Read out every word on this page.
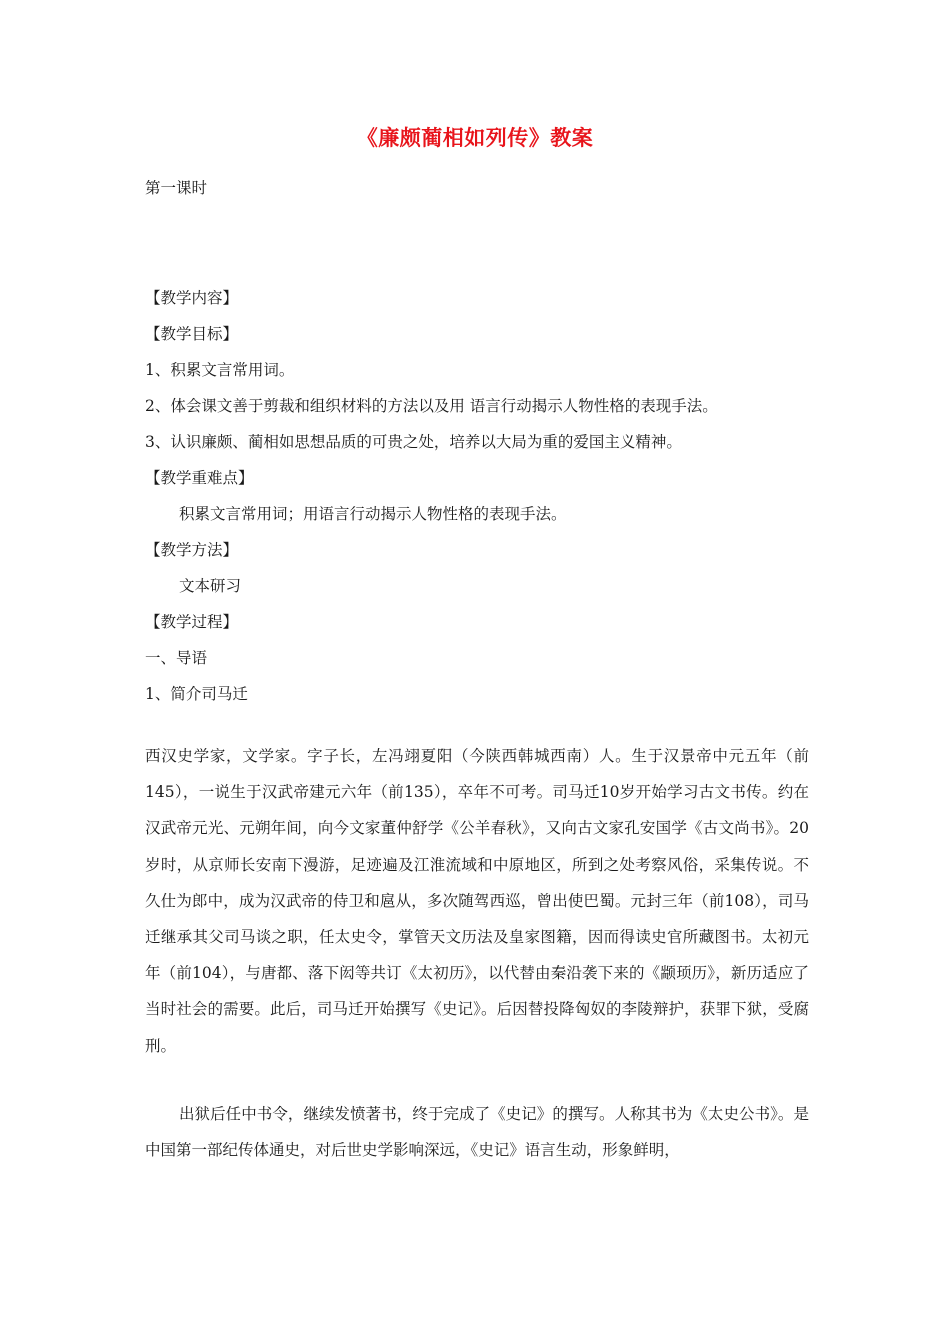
《廉颇蔺相如列传》教案
第一课时
【教学内容】
【教学目标】
1、积累文言常用词。
2、体会课文善于剪裁和组织材料的方法以及用 语言行动揭示人物性格的表现手法。
3、认识廉颇、蔺相如思想品质的可贵之处，培养以大局为重的爱国主义精神。
【教学重难点】
积累文言常用词；用语言行动揭示人物性格的表现手法。
【教学方法】
文本研习
【教学过程】
一、导语
1、简介司马迁

西汉史学家，文学家。字子长，左冯翊夏阳（今陕西韩城西南）人。生于汉景帝中元五年（前145），一说生于汉武帝建元六年（前135），卒年不可考。司马迁10岁开始学习古文书传。约在汉武帝元光、元朔年间，向今文家董仲舒学《公羊春秋》，又向古文家孔安国学《古文尚书》。20岁时，从京师长安南下漫游，足迹遍及江淮流域和中原地区，所到之处考察风俗，采集传说。不久仕为郎中，成为汉武帝的侍卫和扈从，多次随驾西巡，曾出使巴蜀。元封三年（前108），司马迁继承其父司马谈之职，任太史令，掌管天文历法及皇家图籍，因而得读史官所藏图书。太初元年（前104），与唐都、落下闳等共订《太初历》，以代替由秦沿袭下来的《颛顼历》，新历适应了当时社会的需要。此后，司马迁开始撰写《史记》。后因替投降匈奴的李陵辩护，获罪下狱，受腐刑。

出狱后任中书令，继续发愤著书，终于完成了《史记》的撰写。人称其书为《太史公书》。是中国第一部纪传体通史，对后世史学影响深远，《史记》语言生动，形象鲜明，
